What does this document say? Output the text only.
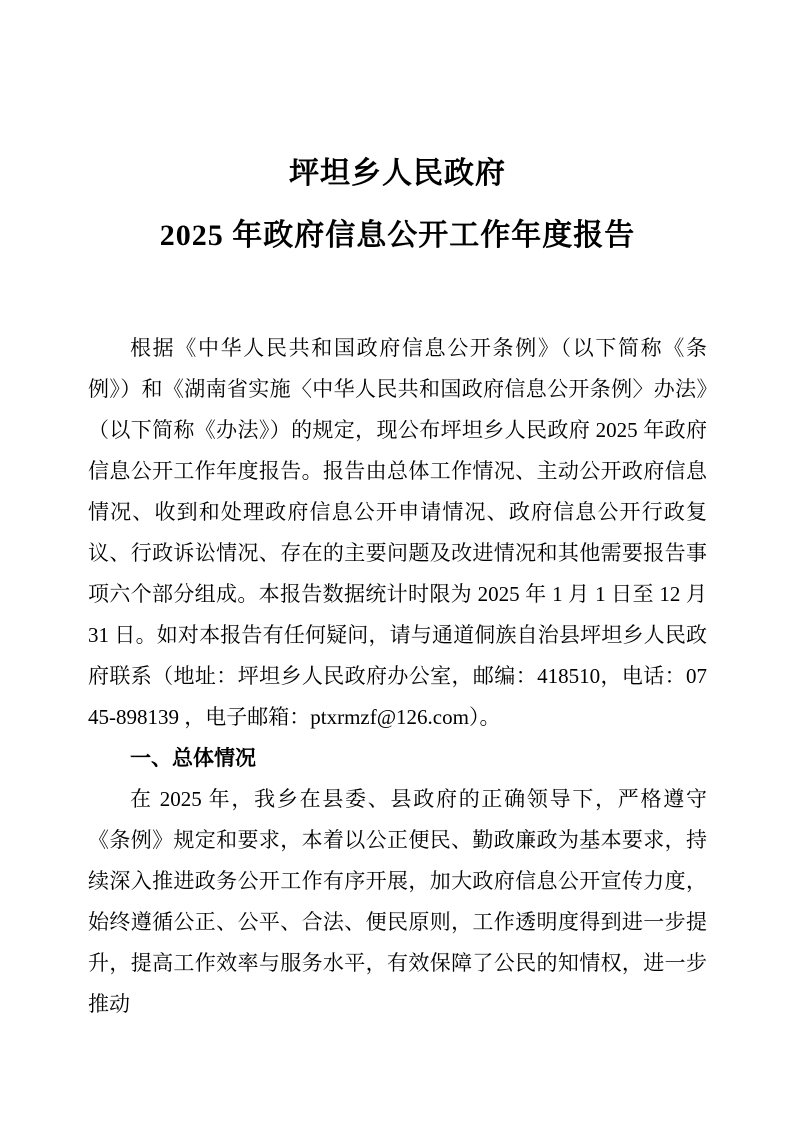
坪坦乡人民政府
2025 年政府信息公开工作年度报告

根据《中华人民共和国政府信息公开条例》（以下简称《条例》）和《湖南省实施〈中华人民共和国政府信息公开条例〉办法》（以下简称《办法》）的规定，现公布坪坦乡人民政府 2025 年政府信息公开工作年度报告。报告由总体工作情况、主动公开政府信息情况、收到和处理政府信息公开申请情况、政府信息公开行政复议、行政诉讼情况、存在的主要问题及改进情况和其他需要报告事项六个部分组成。本报告数据统计时限为 2025 年 1 月 1 日至 12 月 31 日。如对本报告有任何疑问，请与通道侗族自治县坪坦乡人民政府联系（地址：坪坦乡人民政府办公室，邮编：418510，电话：0745-898139 ，电子邮箱：ptxrmzf@126.com）。

一、总体情况

在 2025 年，我乡在县委、县政府的正确领导下，严格遵守《条例》规定和要求，本着以公正便民、勤政廉政为基本要求，持续深入推进政务公开工作有序开展，加大政府信息公开宣传力度，始终遵循公正、公平、合法、便民原则，工作透明度得到进一步提升，提高工作效率与服务水平，有效保障了公民的知情权，进一步推动
